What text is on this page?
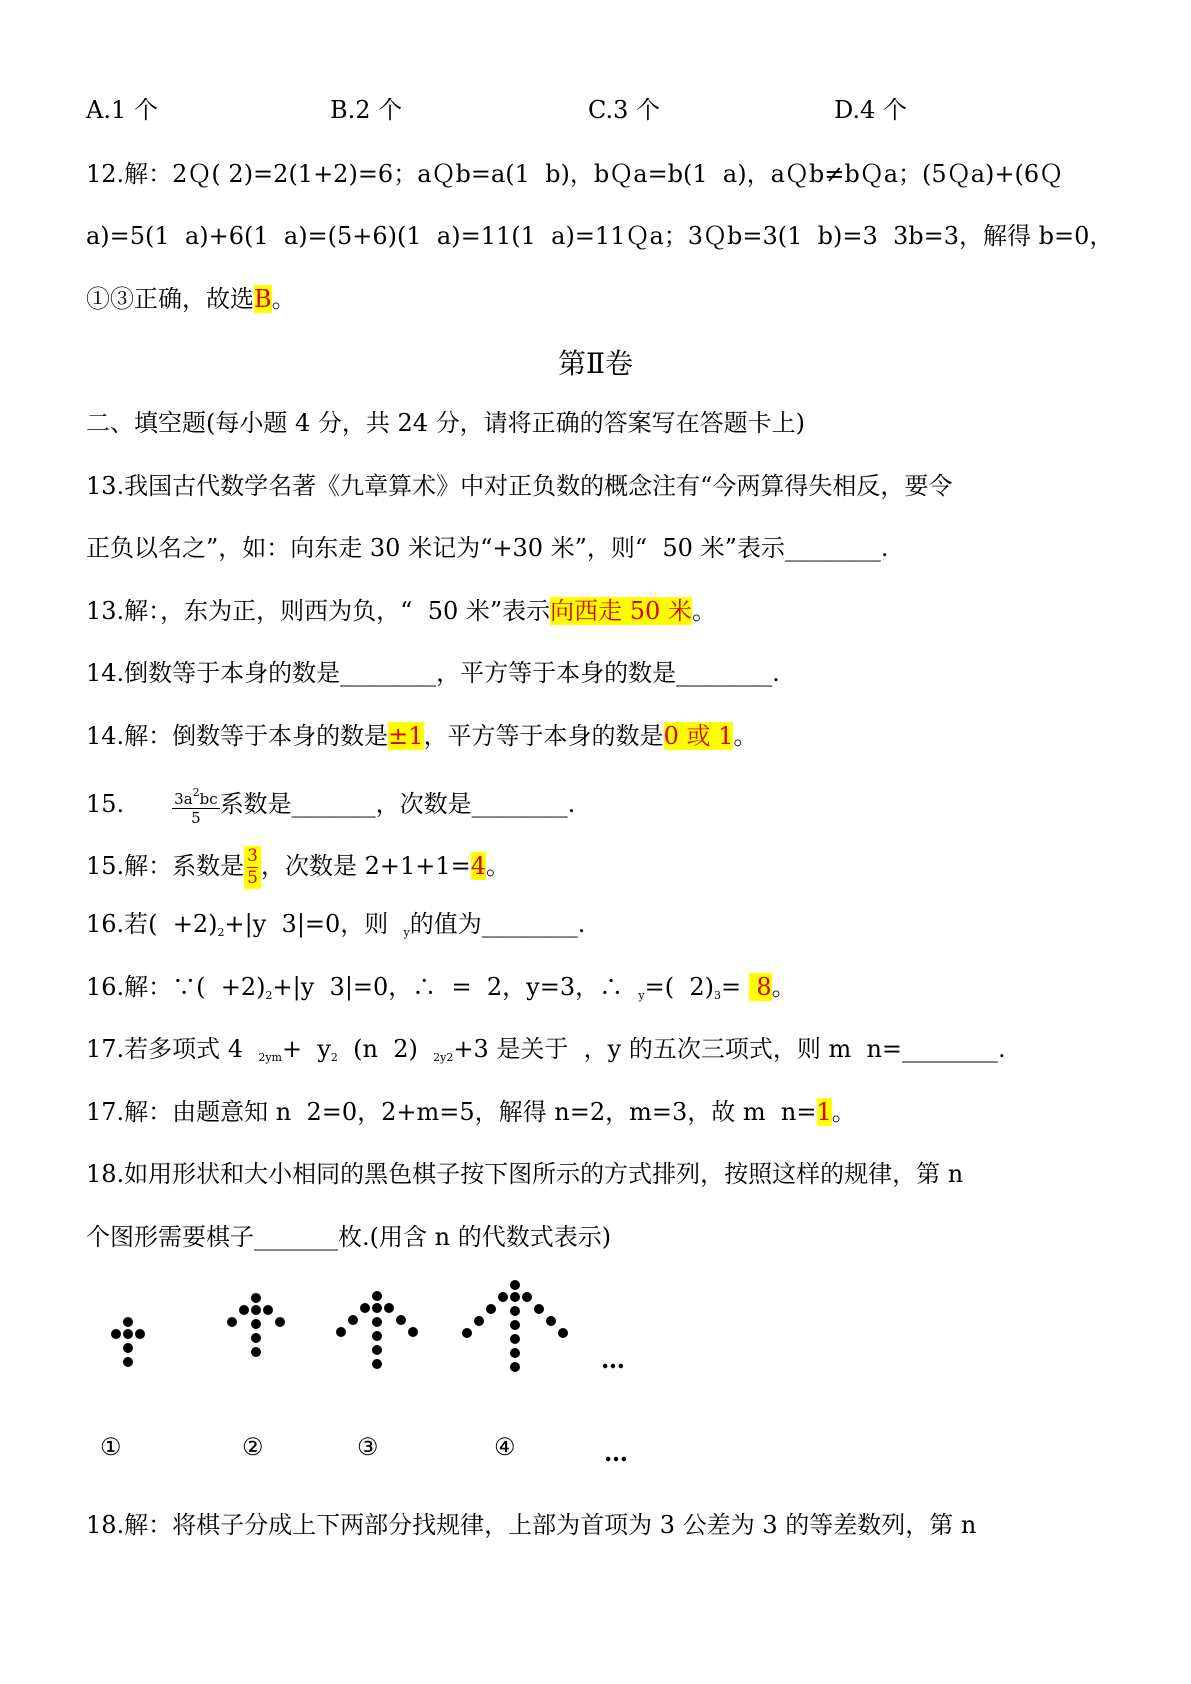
A.1 个	B.2 个	C.3 个	D.4 个
12.解：2Ｑ( 2)=2(1+2)=6；aＱb=a(1  b)，bＱa=b(1  a)，aＱb≠bＱa；(5Ｑa)+(6Ｑ
a)=5(1  a)+6(1  a)=(5+6)(1  a)=11(1  a)=11Ｑa；3Ｑb=3(1  b)=3  3b=3，解得 b=0，
①③正确，故选B。
第Ⅱ卷
二、填空题(每小题 4 分，共 24 分，请将正确的答案写在答题卡上)
13.我国古代数学名著《九章算术》中对正负数的概念注有“今两算得失相反，要令
正负以名之”，如：向东走 30 米记为“+30 米”，则“  50 米”表示________.
13.解：，东为正，则西为负，“  50 米”表示向西走 50 米。
14.倒数等于本身的数是________，平方等于本身的数是________.
14.解：倒数等于本身的数是±1，平方等于本身的数是0 或 1。
15.	$\frac{3a^2bc}{5}$ 系数是_______，次数是________.
15.解：系数是 $\frac{3}{5}$ ，次数是 2+1+1=4。
16.若(  $+2)_2+|y$  3|=0，则  $_y$的值为________.
16.解：∵(  $+2)_2+|y$  3|=0，∴  =  2，y=3，∴  $_y$=(  $2)_3= 8$。
17.若多项式 4  $_{2ym}+ y_2$  (n  2)  $_{2y2}$+3 是关于  ，y 的五次三项式，则 m  n=________.
17.解：由题意知 n  2=0，2+m=5，解得 n=2，m=3，故 m  n=1。
18.如用形状和大小相同的黑色棋子按下图所示的方式排列，按照这样的规律，第 n
个图形需要棋子_______枚.(用含 n 的代数式表示)
…
①	②	③	④	…
18.解：将棋子分成上下两部分找规律，上部为首项为 3 公差为 3 的等差数列，第 n
